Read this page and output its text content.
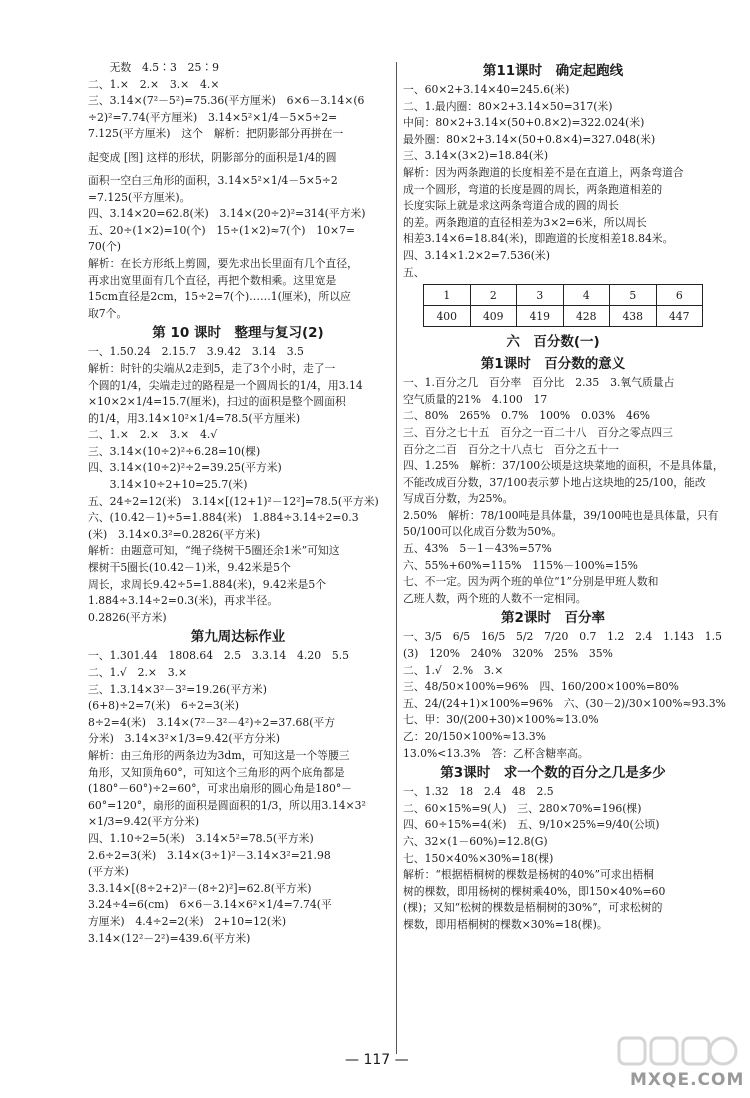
　　无数　4.5∶3　25∶9
二、1.×　2.×　3.×　4.×
三、3.14×(7²－5²)=75.36(平方厘米)　6×6－3.14×(6
÷2)²=7.74(平方厘米)　3.14×5²×1/4－5×5÷2=
7.125(平方厘米)　这个　解析：把阴影部分再拼在一
起变成 [图] 这样的形状，阴影部分的面积是1/4的圆
面积一空白三角形的面积，3.14×5²×1/4－5×5÷2
=7.125(平方厘米)。
四、3.14×20=62.8(米)　3.14×(20÷2)²=314(平方米)
五、20÷(1×2)=10(个)　15÷(1×2)≈7(个)　10×7=
70(个)
解析：在长方形纸上剪圆，要先求出长里面有几个直径，
再求出宽里面有几个直径，再把个数相乘。这里宽是
15cm直径是2cm，15÷2=7(个)……1(厘米)，所以应
取7个。
第 10 课时　整理与复习(2)
一、1.50.24　2.15.7　3.9.42　3.14　3.5
解析：时针的尖端从2走到5，走了3个小时，走了一
个圆的1/4，尖端走过的路程是一个圆周长的1/4，用3.14
×10×2×1/4=15.7(厘米)，扫过的面积是整个圆面积
的1/4，用3.14×10²×1/4=78.5(平方厘米)
二、1.×　2.×　3.×　4.√
三、3.14×(10÷2)²÷6.28=10(棵)
四、3.14×(10÷2)²÷2=39.25(平方米)
　　3.14×10÷2+10=25.7(米)
五、24÷2=12(米)　3.14×[(12+1)²－12²]=78.5(平方米)
六、(10.42－1)÷5=1.884(米)　1.884÷3.14÷2=0.3
(米)　3.14×0.3²=0.2826(平方米)
解析：由题意可知，“绳子绕树干5圈还余1米”可知这
棵树干5圈长(10.42－1)米，9.42米是5个
周长，求周长9.42÷5=1.884(米)，9.42米是5个
1.884÷3.14÷2=0.3(米)，再求半径。
0.2826(平方米)
第九周达标作业
一、1.301.44　1808.64　2.5　3.3.14　4.20　5.5
二、1.√　2.×　3.×
三、1.3.14×3²－3²=19.26(平方米)
(6+8)÷2=7(米)　6÷2=3(米)
8÷2=4(米)　3.14×(7²－3²－4²)÷2=37.68(平方
分米)　3.14×3²×1/3=9.42(平方分米)
解析：由三角形的两条边为3dm，可知这是一个等腰三
角形，又知顶角60°，可知这个三角形的两个底角都是
(180°－60°)÷2=60°，可求出扇形的圆心角是180°－
60°=120°，扇形的面积是圆面积的1/3，所以用3.14×3²
×1/3=9.42(平方分米)
四、1.10÷2=5(米)　3.14×5²=78.5(平方米)
2.6÷2=3(米)　3.14×(3÷1)²－3.14×3²=21.98
(平方米)
3.3.14×[(8÷2+2)²－(8÷2)²]=62.8(平方米)
3.24÷4=6(cm)　6×6－3.14×6²×1/4=7.74(平
方厘米)　4.4÷2=2(米)　2+10=12(米)
3.14×(12²－2²)=439.6(平方米)
第11课时　确定起跑线
一、60×2+3.14×40=245.6(米)
二、1.最内圈：80×2+3.14×50=317(米)
中间：80×2+3.14×(50+0.8×2)=322.024(米)
最外圈：80×2+3.14×(50+0.8×4)=327.048(米)
三、3.14×(3×2)=18.84(米)
解析：因为两条跑道的长度相差不是在直道上，两条弯道合
成一个圆形，弯道的长度是圆的周长，两条跑道相差的
长度实际上就是求这两条弯道合成的圆的周长
的差。两条跑道的直径相差为3×2=6米，所以周长
相差3.14×6=18.84(米)，即跑道的长度相差18.84米。
四、3.14×1.2×2=7.536(米)
五、
1	2	3	4	5	6
400	409	419	428	438	447
六　百分数(一)
第1课时　百分数的意义
一、1.百分之几　百分率　百分比　2.35　3.氧气质量占
空气质量的21%　4.100　17
二、80%　265%　0.7%　100%　0.03%　46%
三、百分之七十五　百分之一百二十八　百分之零点四三
百分之二百　百分之十八点七　百分之五十一
四、1.25%　解析：37/100公顷是这块菜地的面积，不是具体量，
不能改成百分数，37/100表示萝卜地占这块地的25/100，能改
写成百分数，为25%。
2.50%　解析：78/100吨是具体量，39/100吨也是具体量，只有
50/100可以化成百分数为50%。
五、43%　5－1－43%=57%
六、55%+60%=115%　115%－100%=15%
七、不一定。因为两个班的单位“1”分别是甲班人数和
乙班人数，两个班的人数不一定相同。
第2课时　百分率
一、3/5　6/5　16/5　5/2　7/20　0.7　1.2　2.4　1.143　1.5
(3)　120%　240%　320%　25%　35%
二、1.√　2.%　3.×
三、48/50×100%=96%　四、160/200×100%=80%
五、24/(24+1)×100%=96%　六、(30－2)/30×100%≈93.3%
七、甲：30/(200+30)×100%≈13.0%
乙：20/150×100%≈13.3%
13.0%<13.3%　答：乙杯含糖率高。
第3课时　求一个数的百分之几是多少
一、1.32　18　2.4　48　2.5
二、60×15%=9(人)　三、280×70%=196(棵)
四、60÷15%=4(米)　五、9/10×25%=9/40(公顷)
六、32×(1－60%)=12.8(G)
七、150×40%×30%=18(棵)
解析：“根据梧桐树的棵数是杨树的40%”可求出梧桐
树的棵数，即用杨树的棵树乘40%，即150×40%=60
(棵)；又知“松树的棵数是梧桐树的30%”，可求松树的
棵数，即用梧桐树的棵数×30%=18(棵)。
— 117 —
MXQE.COM
